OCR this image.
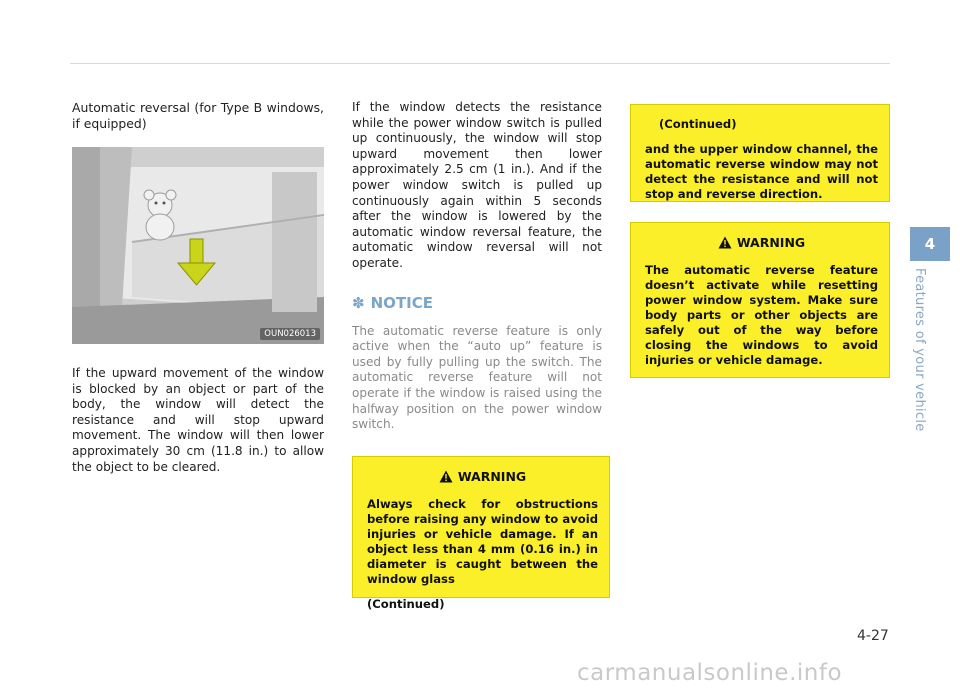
Automatic reversal (for Type B windows, if equipped)
OUN026013

If the upward movement of the window is blocked by an object or part of the body, the window will detect the resistance and will stop upward movement. The window will then lower approximately 30 cm (11.8 in.) to allow the object to be cleared.

If the window detects the resistance while the power window switch is pulled up continuously, the window will stop upward movement then lower approximately 2.5 cm (1 in.). And if the power window switch is pulled up continuously again within 5 seconds after the window is lowered by the automatic window reversal feature, the automatic window reversal will not operate.

✽ NOTICE

The automatic reverse feature is only active when the “auto up” feature is used by fully pulling up the switch. The automatic reverse feature will not operate if the window is raised using the halfway position on the power window switch.

WARNING

Always check for obstructions before raising any window to avoid injuries or vehicle damage. If an object less than 4 mm (0.16 in.) in diameter is caught between the window glass

(Continued)
(Continued)

and the upper window channel, the automatic reverse window may not detect the resistance and will not stop and reverse direction.

WARNING

The automatic reverse feature doesn’t activate while resetting power window system. Make sure body parts or other objects are safely out of the way before closing the windows to avoid injuries or vehicle damage.

4
Features of your vehicle
4-27
carmanualsonline.info
